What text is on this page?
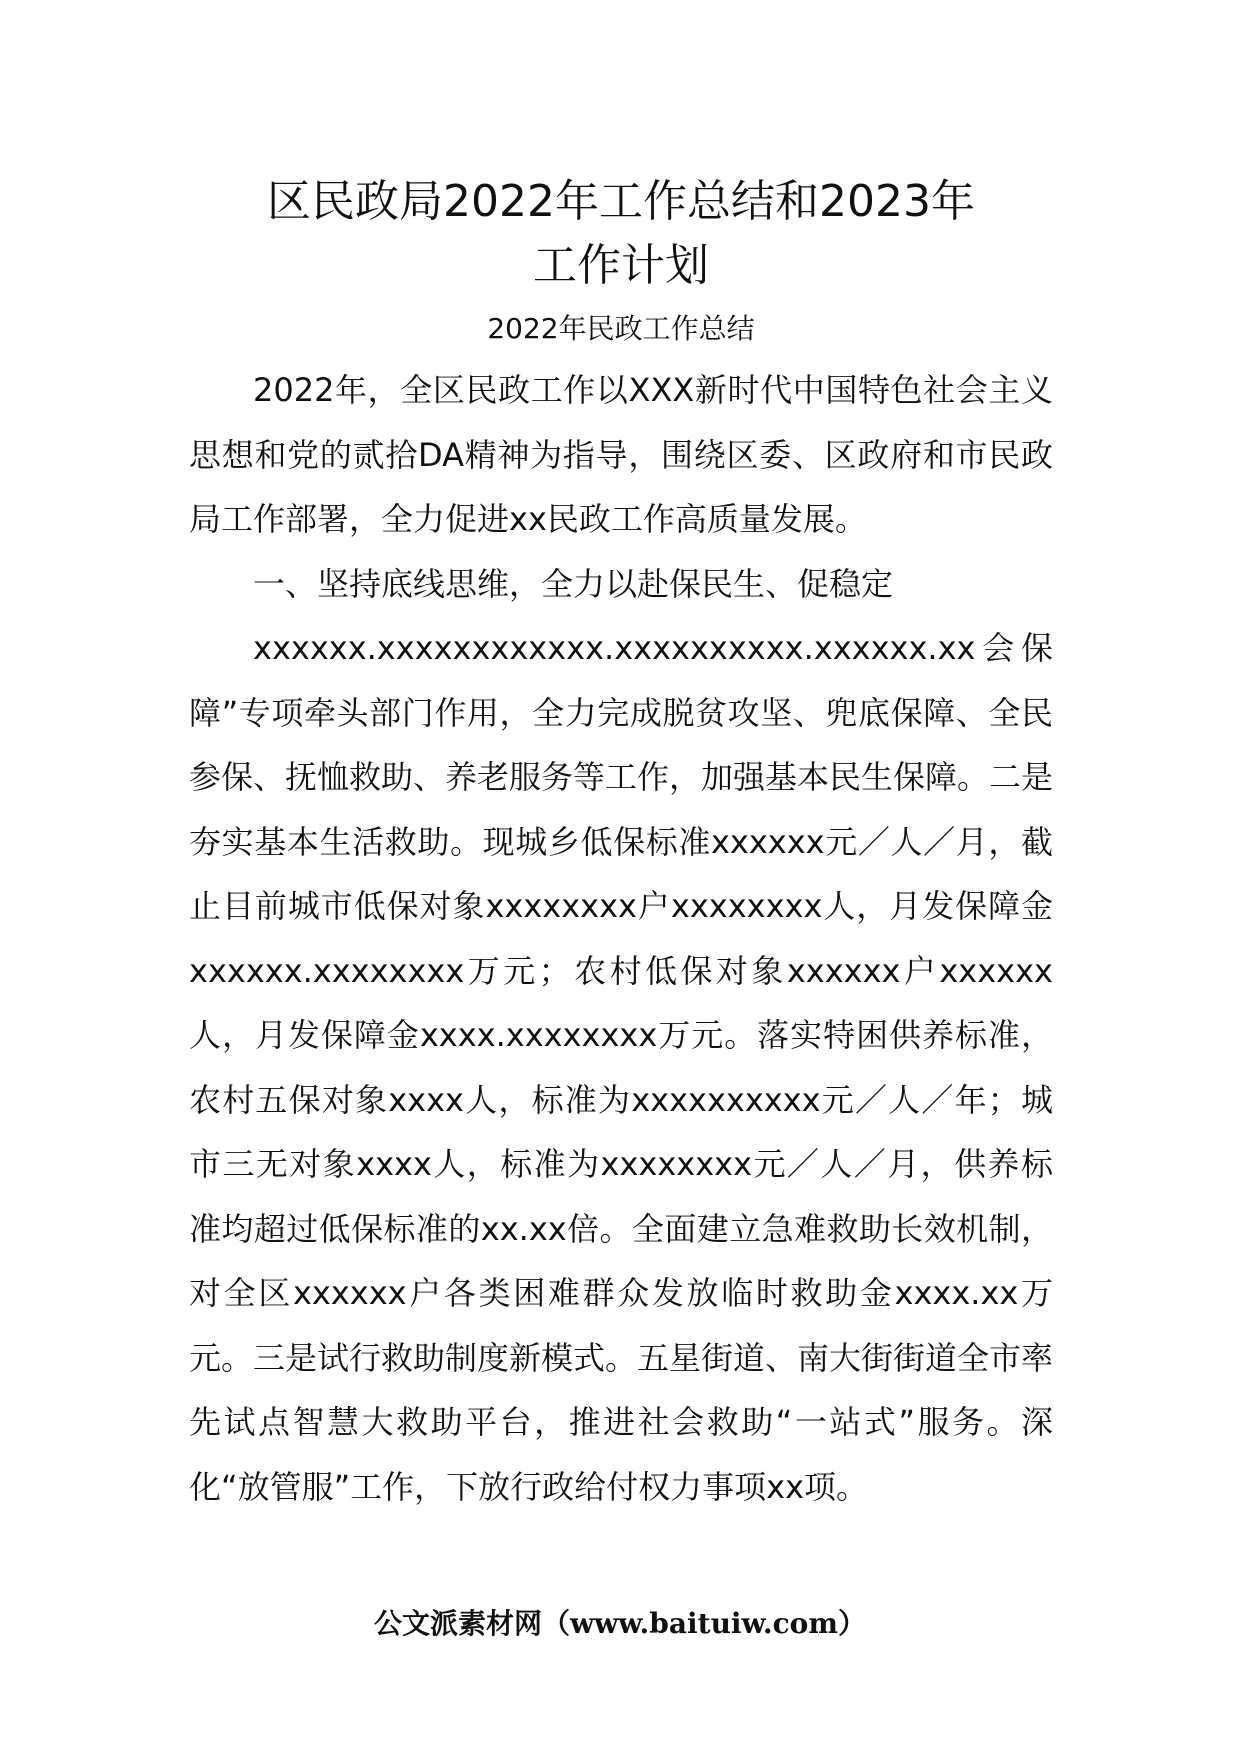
区民政局2022年工作总结和2023年
工作计划
2022年民政工作总结

2022年，全区民政工作以XXX新时代中国特色社会主义思想和党的贰拾DA精神为指导，围绕区委、区政府和市民政局工作部署，全力促进xx民政工作高质量发展。

一、坚持底线思维，全力以赴保民生、促稳定

xxxxxx.xxxxxxxxxxxx.xxxxxxxxxx.xxxxxx.xx会保障”专项牵头部门作用，全力完成脱贫攻坚、兜底保障、全民参保、抚恤救助、养老服务等工作，加强基本民生保障。二是夯实基本生活救助。现城乡低保标准xxxxxx元／人／月，截止目前城市低保对象xxxxxxxx户xxxxxxxx人，月发保障金xxxxxx.xxxxxxxx万元；农村低保对象xxxxxx户xxxxxx人，月发保障金xxxx.xxxxxxxx万元。落实特困供养标准，农村五保对象xxxx人，标准为xxxxxxxxxx元／人／年；城市三无对象xxxx人，标准为xxxxxxxx元／人／月，供养标准均超过低保标准的xx.xx倍。全面建立急难救助长效机制，对全区xxxxxx户各类困难群众发放临时救助金xxxx.xx万元。三是试行救助制度新模式。五星街道、南大街街道全市率先试点智慧大救助平台，推进社会救助“一站式”服务。深化“放管服”工作，下放行政给付权力事项xx项。

公文派素材网（www.baituiw.com）
